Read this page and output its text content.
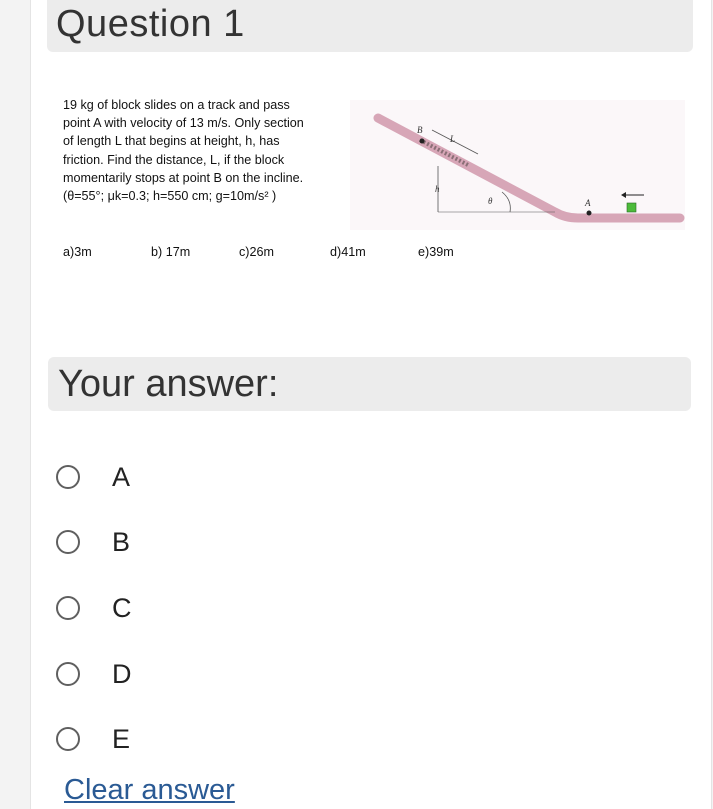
Question 1

19 kg of block slides on a track and pass

point A with velocity of 13 m/s. Only section

of length L that begins at height, h, has

friction. Find the distance, L, if the block

momentarily stops at point B on the incline.

(θ=55°; μk=0.3; h=550 cm; g=10m/s² )

B
L
h
θ	A
a)3m	b) 17m	c)26m	d)41m	e)39m
Your answer:
A
B
C
D
E
Clear answer
